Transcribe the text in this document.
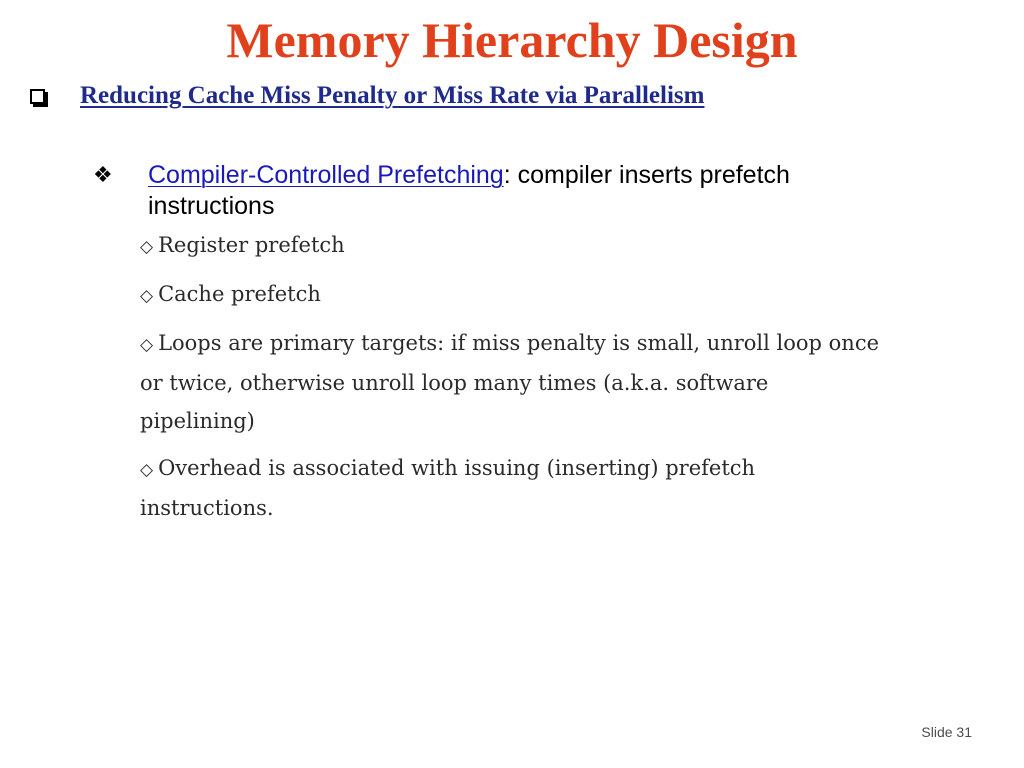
Memory Hierarchy Design
Reducing Cache Miss Penalty or Miss Rate via Parallelism
❖	Compiler-Controlled Prefetching: compiler inserts prefetch instructions
◇ Register prefetch
◇ Cache prefetch
◇ Loops are primary targets: if miss penalty is small, unroll loop once or twice, otherwise unroll loop many times (a.k.a. software pipelining)
◇ Overhead is associated with issuing (inserting) prefetch instructions.
Slide 31
